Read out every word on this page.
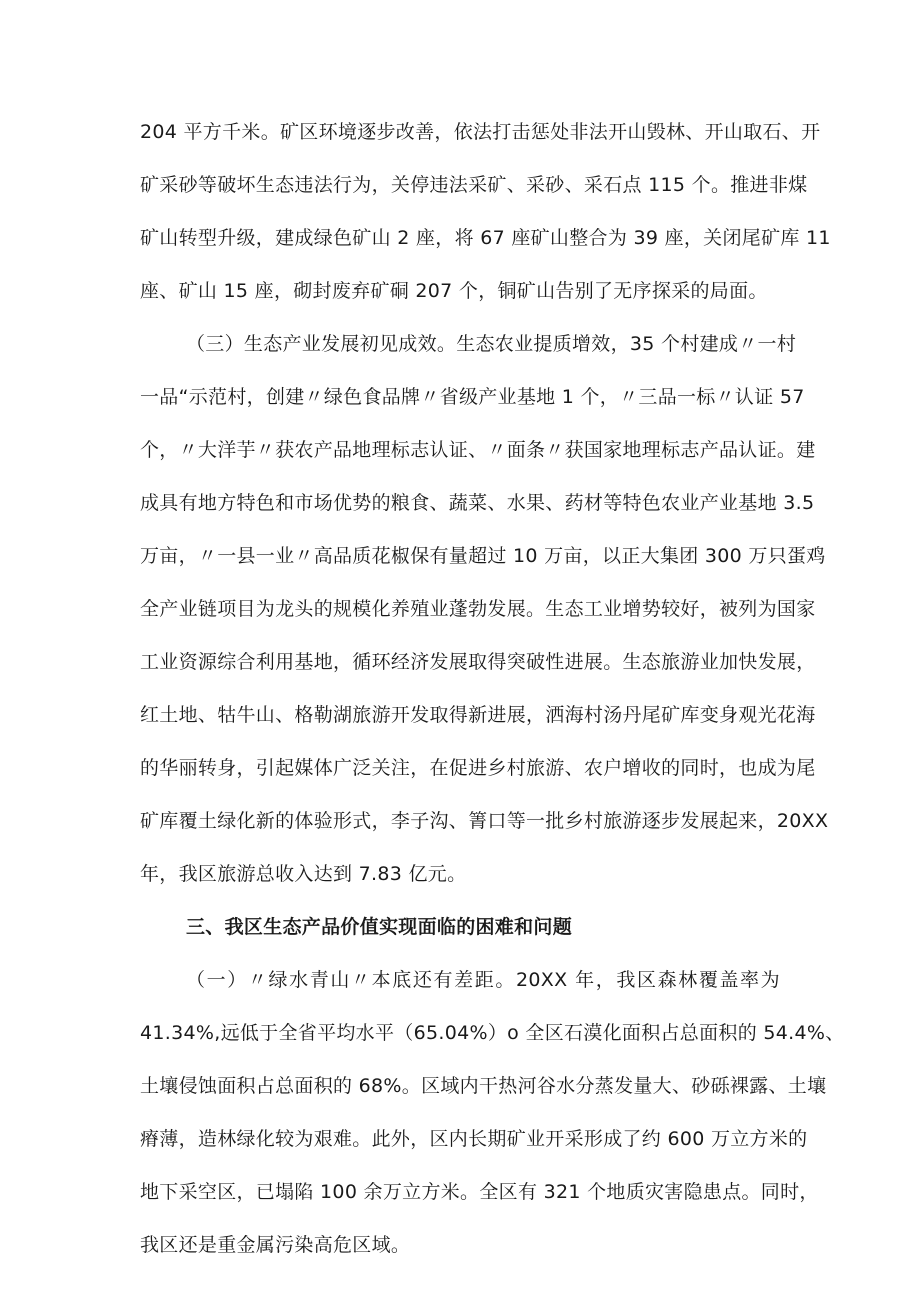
204 平方千米。矿区环境逐步改善，依法打击惩处非法开山毁林、开山取石、开
矿采砂等破坏生态违法行为，关停违法采矿、采砂、采石点 115 个。推进非煤
矿山转型升级，建成绿色矿山 2 座，将 67 座矿山整合为 39 座，关闭尾矿库 11
座、矿山 15 座，砌封废弃矿硐 207 个，铜矿山告别了无序探采的局面。
（三）生态产业发展初见成效。生态农业提质增效，35 个村建成〃一村
一品“示范村，创建〃绿色食品牌〃省级产业基地 1 个，〃三品一标〃认证 57
个，〃大洋芋〃获农产品地理标志认证、〃面条〃获国家地理标志产品认证。建
成具有地方特色和市场优势的粮食、蔬菜、水果、药材等特色农业产业基地 3.5
万亩，〃一县一业〃高品质花椒保有量超过 10 万亩，以正大集团 300 万只蛋鸡
全产业链项目为龙头的规模化养殖业蓬勃发展。生态工业增势较好，被列为国家
工业资源综合利用基地，循环经济发展取得突破性进展。生态旅游业加快发展，
红土地、牯牛山、格勒湖旅游开发取得新进展，洒海村汤丹尾矿库变身观光花海
的华丽转身，引起媒体广泛关注，在促进乡村旅游、农户增收的同时，也成为尾
矿库覆土绿化新的体验形式，李子沟、箐口等一批乡村旅游逐步发展起来，20XX
年，我区旅游总收入达到 7.83 亿元。
三、我区生态产品价值实现面临的困难和问题
（一）〃绿水青山〃本底还有差距。20XX 年，我区森林覆盖率为
41.34%,远低于全省平均水平（65.04%）o 全区石漠化面积占总面积的 54.4%、
土壤侵蚀面积占总面积的 68%。区域内干热河谷水分蒸发量大、砂砾裸露、土壤
瘠薄，造林绿化较为艰难。此外，区内长期矿业开采形成了约 600 万立方米的
地下采空区，已塌陷 100 余万立方米。全区有 321 个地质灾害隐患点。同时，
我区还是重金属污染高危区域。
